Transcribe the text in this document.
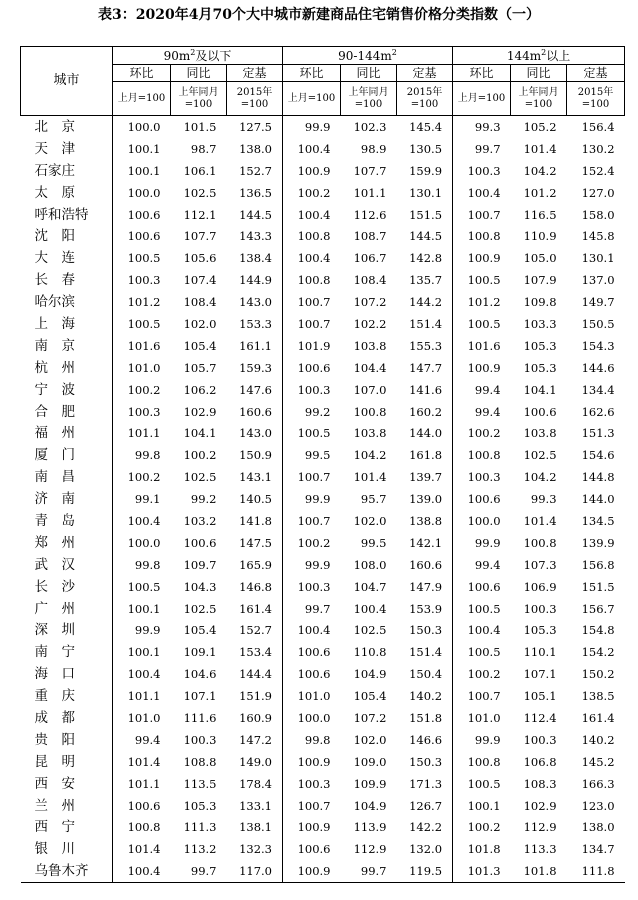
表3：2020年4月70个大中城市新建商品住宅销售价格分类指数（一）
城市	$90m^2$及以下			$90-144m^2$			$144m^2$以上		
	环比	同比	定基	环比	同比	定基	环比	同比	定基
	上月=100	上年同月=100	2015年=100	上月=100	上年同月=100	2015年=100	上月=100	上年同月=100	2015年=100
北　京	100.0	101.5	127.5	99.9	102.3	145.4	99.3	105.2	156.4
天　津	100.1	98.7	138.0	100.4	98.9	130.5	99.7	101.4	130.2
石家庄	100.1	106.1	152.7	100.9	107.7	159.9	100.3	104.2	152.4
太　原	100.0	102.5	136.5	100.2	101.1	130.1	100.4	101.2	127.0
呼和浩特	100.6	112.1	144.5	100.4	112.6	151.5	100.7	116.5	158.0
沈　阳	100.6	107.7	143.3	100.8	108.7	144.5	100.8	110.9	145.8
大　连	100.5	105.6	138.4	100.4	106.7	142.8	100.9	105.0	130.1
长　春	100.3	107.4	144.9	100.8	108.4	135.7	100.5	107.9	137.0
哈尔滨	101.2	108.4	143.0	100.7	107.2	144.2	101.2	109.8	149.7
上　海	100.5	102.0	153.3	100.7	102.2	151.4	100.5	103.3	150.5
南　京	101.6	105.4	161.1	101.9	103.8	155.3	101.6	105.3	154.3
杭　州	101.0	105.7	159.3	100.6	104.4	147.7	100.9	105.3	144.6
宁　波	100.2	106.2	147.6	100.3	107.0	141.6	99.4	104.1	134.4
合　肥	100.3	102.9	160.6	99.2	100.8	160.2	99.4	100.6	162.6
福　州	101.1	104.1	143.0	100.5	103.8	144.0	100.2	103.8	151.3
厦　门	99.8	100.2	150.9	99.5	104.2	161.8	100.8	102.5	154.6
南　昌	100.2	102.5	143.1	100.7	101.4	139.7	100.3	104.2	144.8
济　南	99.1	99.2	140.5	99.9	95.7	139.0	100.6	99.3	144.0
青　岛	100.4	103.2	141.8	100.7	102.0	138.8	100.0	101.4	134.5
郑　州	100.0	100.6	147.5	100.2	99.5	142.1	99.9	100.8	139.9
武　汉	99.8	109.7	165.9	99.9	108.0	160.6	99.4	107.3	156.8
长　沙	100.5	104.3	146.8	100.3	104.7	147.9	100.6	106.9	151.5
广　州	100.1	102.5	161.4	99.7	100.4	153.9	100.5	100.3	156.7
深　圳	99.9	105.4	152.7	100.4	102.5	150.3	100.4	105.3	154.8
南　宁	100.1	109.1	153.4	100.6	110.8	151.4	100.5	110.1	154.2
海　口	100.4	104.6	144.4	100.6	104.9	150.4	100.2	107.1	150.2
重　庆	101.1	107.1	151.9	101.0	105.4	140.2	100.7	105.1	138.5
成　都	101.0	111.6	160.9	100.0	107.2	151.8	101.0	112.4	161.4
贵　阳	99.4	100.3	147.2	99.8	102.0	146.6	99.9	100.3	140.2
昆　明	101.4	108.8	149.0	100.9	109.0	150.3	100.8	106.8	145.2
西　安	101.1	113.5	178.4	100.3	109.9	171.3	100.5	108.3	166.3
兰　州	100.6	105.3	133.1	100.7	104.9	126.7	100.1	102.9	123.0
西　宁	100.8	111.3	138.1	100.9	113.9	142.2	100.2	112.9	138.0
银　川	101.4	113.2	132.3	100.6	112.9	132.0	101.8	113.3	134.7
乌鲁木齐	100.4	99.7	117.0	100.9	99.7	119.5	101.3	101.8	111.8
